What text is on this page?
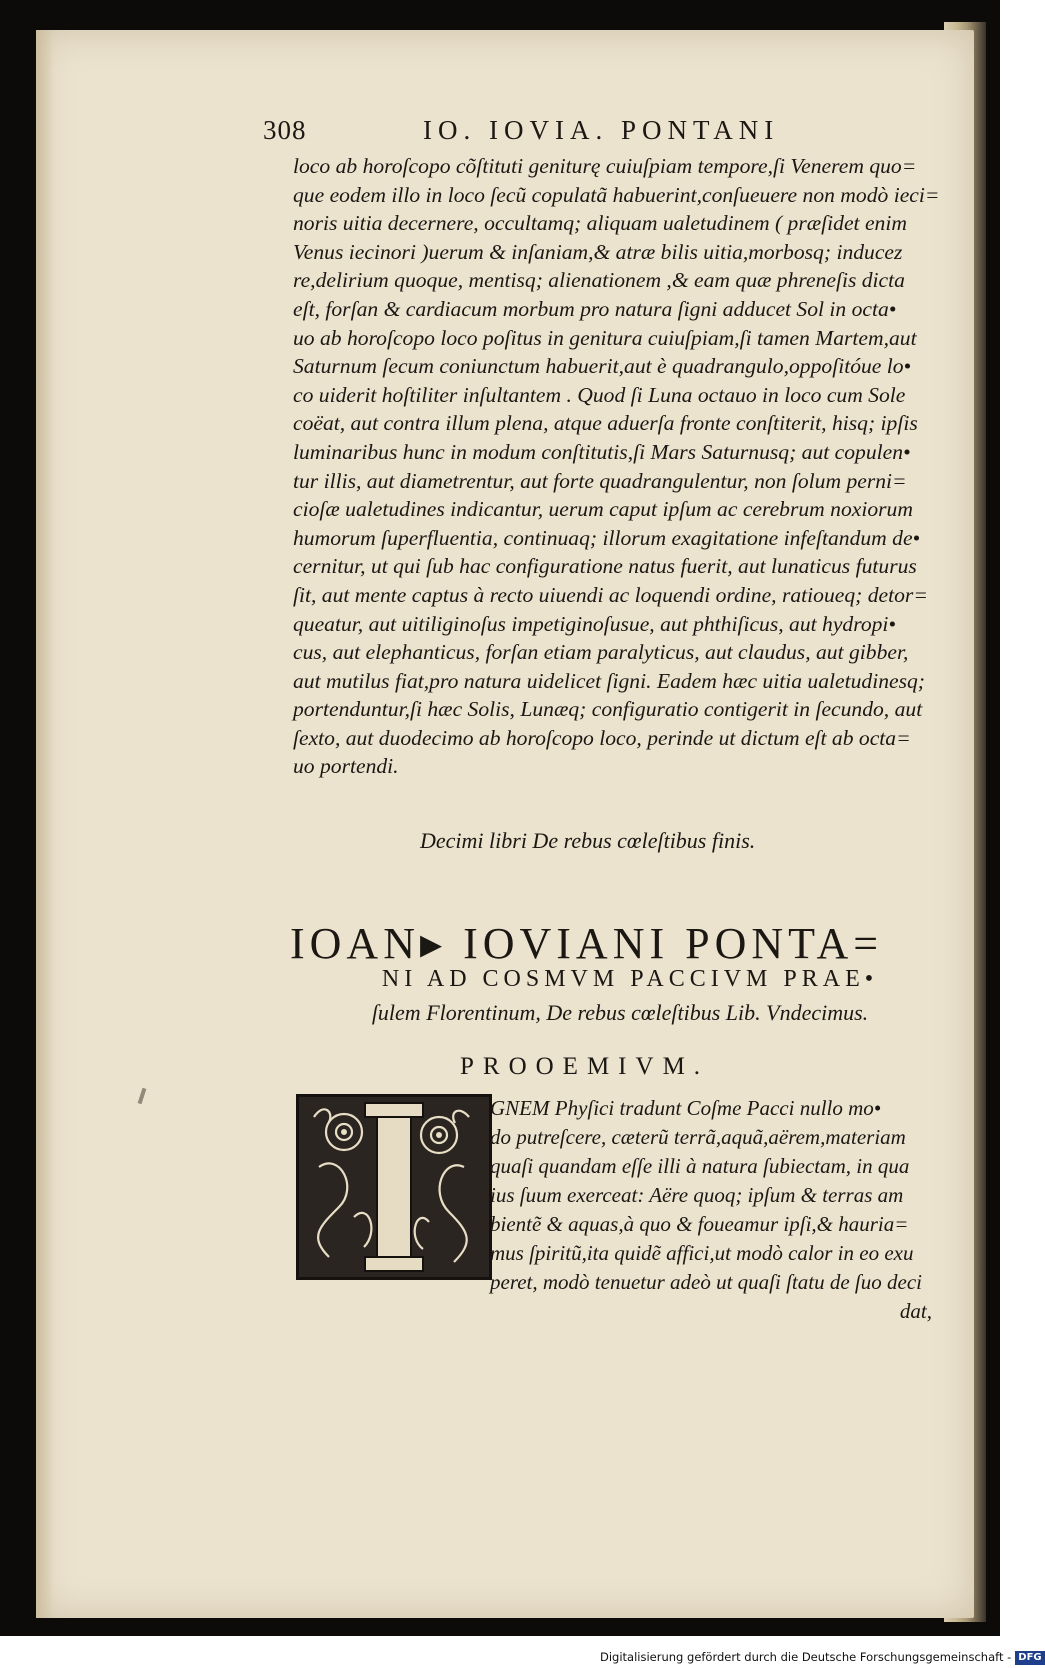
308	IO. IOVIA. PONTANI
loco ab horoſcopo cõſtituti geniturę cuiuſpiam tempore,ſi Venerem quo=
que eodem illo in loco ſecũ copulatã habuerint,conſueuere non modò ieci=
noris uitia decernere, occultamq; aliquam ualetudinem ( præſidet enim
Venus iecinori )uerum & inſaniam,& atræ bilis uitia,morbosq; inducez
re,delirium quoque, mentisq; alienationem ,& eam quæ phreneſis dicta
eſt, forſan & cardiacum morbum pro natura ſigni adducet Sol in octa•
uo ab horoſcopo loco poſitus in genitura cuiuſpiam,ſi tamen Martem,aut
Saturnum ſecum coniunctum habuerit,aut è quadrangulo,oppoſitóue lo•
co uiderit hoſtiliter inſultantem . Quod ſi Luna octauo in loco cum Sole
coëat, aut contra illum plena, atque aduerſa fronte conſtiterit, hisq; ipſis
luminaribus hunc in modum conſtitutis,ſi Mars Saturnusq; aut copulen•
tur illis, aut diametrentur, aut forte quadrangulentur, non ſolum perni=
cioſæ ualetudines indicantur, uerum caput ipſum ac cerebrum noxiorum
humorum ſuperfluentia, continuaq; illorum exagitatione infeſtandum de•
cernitur, ut qui ſub hac configuratione natus fuerit, aut lunaticus futurus
ſit, aut mente captus à recto uiuendi ac loquendi ordine, ratioueq; detor=
queatur, aut uitiliginoſus impetiginoſusue, aut phthiſicus, aut hydropi•
cus, aut elephanticus, forſan etiam paralyticus, aut claudus, aut gibber,
aut mutilus fiat,pro natura uidelicet ſigni. Eadem hæc uitia ualetudinesq;
portenduntur,ſi hæc Solis, Lunæq; configuratio contigerit in ſecundo, aut
ſexto, aut duodecimo ab horoſcopo loco, perinde ut dictum eſt ab octa=
uo portendi.
Decimi libri De rebus cœleſtibus finis.
IOAN▸ IOVIANI PONTA=
NI AD COSMVM PACCIVM PRAE•
ſulem Florentinum, De rebus cœleſtibus Lib. Vndecimus.
PROOEMIVM.
GNEM Phyſici tradunt Coſme Pacci nullo mo•
do putreſcere, cæterũ terrã,aquã,aërem,materiam
quaſi quandam eſſe illi à natura ſubiectam, in qua
ius ſuum exerceat: Aëre quoq; ipſum & terras am
bientẽ & aquas,à quo & foueamur ipſi,& hauria=
mus ſpiritũ,ita quidẽ affici,ut modò calor in eo exu
peret, modò tenuetur adeò ut quaſi ſtatu de ſuo deci
dat,
Digitalisierung gefördert durch die Deutsche Forschungsgemeinschaft - DFG
